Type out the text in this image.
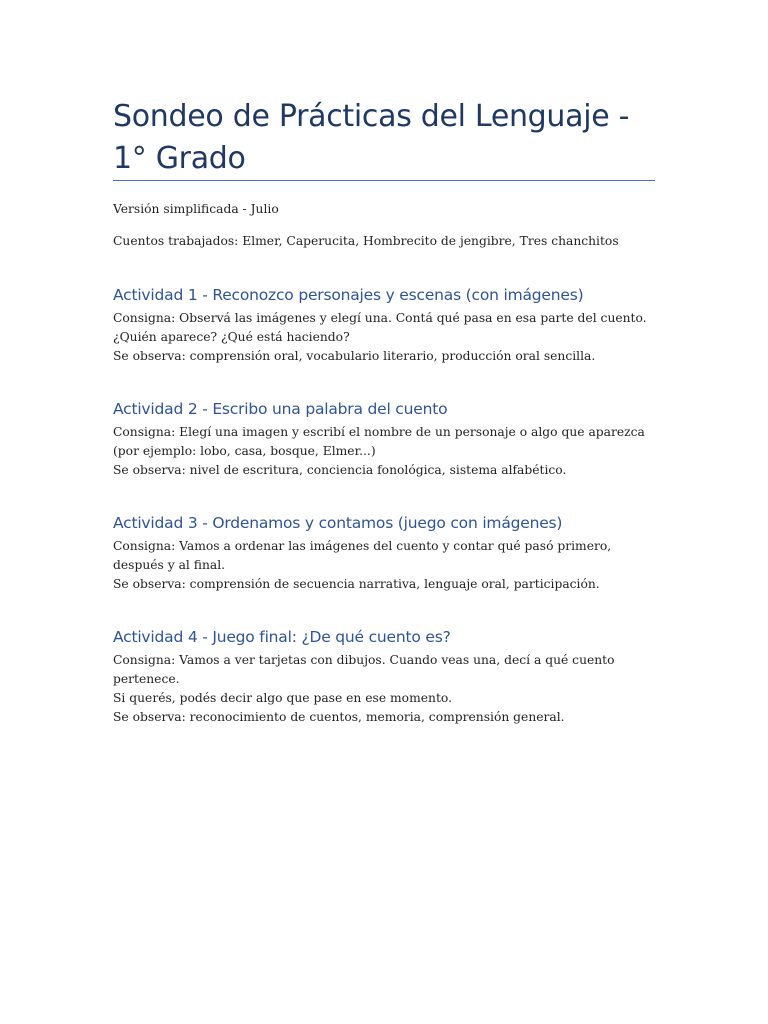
Sondeo de Prácticas del Lenguaje - 1° Grado

Versión simplificada - Julio

Cuentos trabajados: Elmer, Caperucita, Hombrecito de jengibre, Tres chanchitos

Actividad 1 - Reconozco personajes y escenas (con imágenes)

Consigna: Observá las imágenes y elegí una. Contá qué pasa en esa parte del cuento. ¿Quién aparece? ¿Qué está haciendo?

Se observa: comprensión oral, vocabulario literario, producción oral sencilla.

Actividad 2 - Escribo una palabra del cuento

Consigna: Elegí una imagen y escribí el nombre de un personaje o algo que aparezca (por ejemplo: lobo, casa, bosque, Elmer...)

Se observa: nivel de escritura, conciencia fonológica, sistema alfabético.

Actividad 3 - Ordenamos y contamos (juego con imágenes)

Consigna: Vamos a ordenar las imágenes del cuento y contar qué pasó primero, después y al final.

Se observa: comprensión de secuencia narrativa, lenguaje oral, participación.

Actividad 4 - Juego final: ¿De qué cuento es?

Consigna: Vamos a ver tarjetas con dibujos. Cuando veas una, decí a qué cuento pertenece.

Si querés, podés decir algo que pase en ese momento.

Se observa: reconocimiento de cuentos, memoria, comprensión general.
